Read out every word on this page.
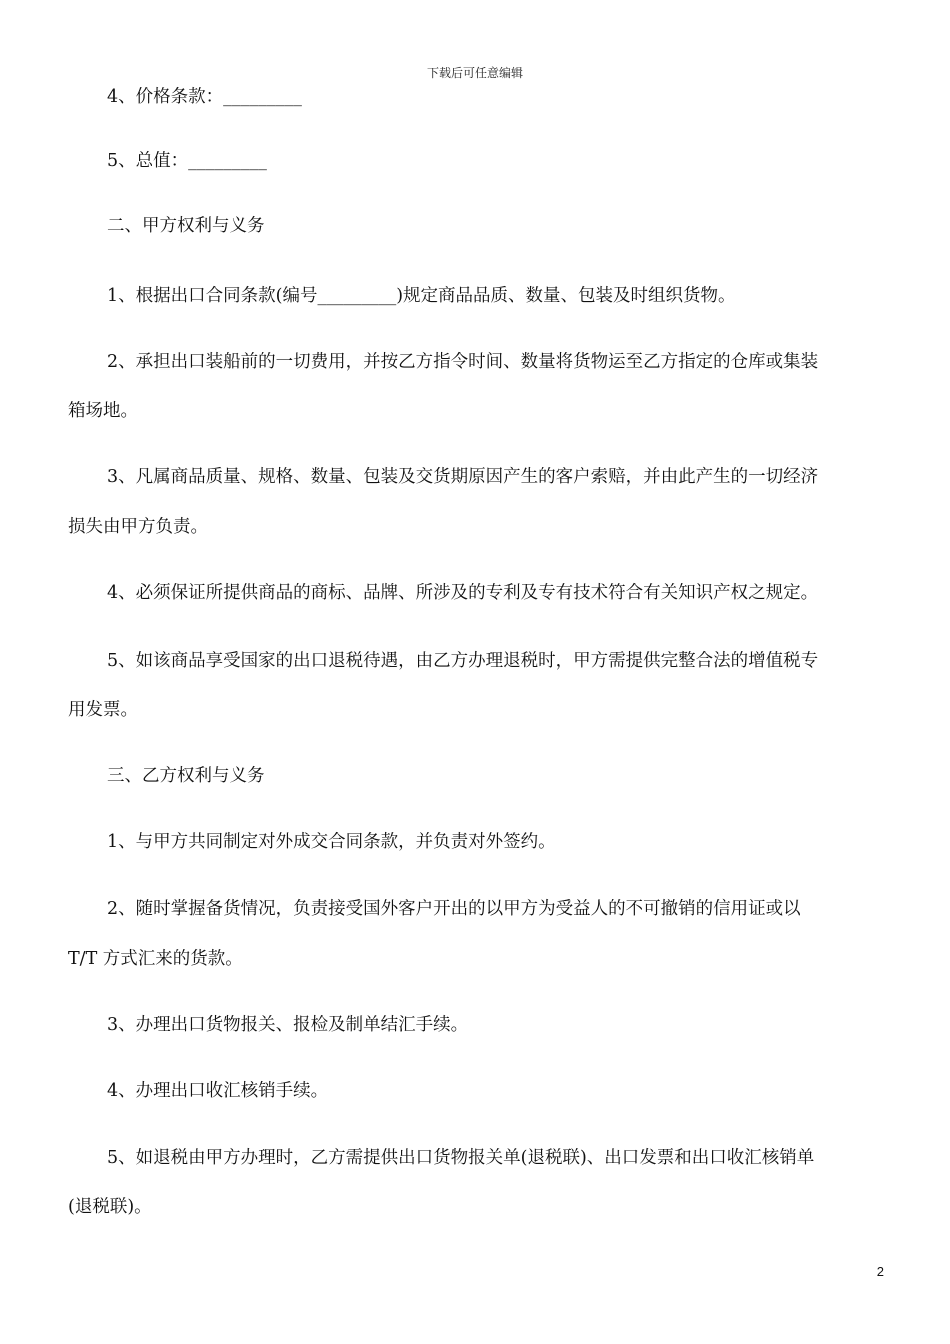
下载后可任意编辑
4、价格条款：_________
5、总值：_________
二、甲方权利与义务
1、根据出口合同条款(编号_________)规定商品品质、数量、包装及时组织货物。
2、承担出口装船前的一切费用，并按乙方指令时间、数量将货物运至乙方指定的仓库或集装
箱场地。
3、凡属商品质量、规格、数量、包装及交货期原因产生的客户索赔，并由此产生的一切经济
损失由甲方负责。
4、必须保证所提供商品的商标、品牌、所涉及的专利及专有技术符合有关知识产权之规定。
5、如该商品享受国家的出口退税待遇，由乙方办理退税时，甲方需提供完整合法的增值税专
用发票。
三、乙方权利与义务
1、与甲方共同制定对外成交合同条款，并负责对外签约。
2、随时掌握备货情况，负责接受国外客户开出的以甲方为受益人的不可撤销的信用证或以
T/T 方式汇来的货款。
3、办理出口货物报关、报检及制单结汇手续。
4、办理出口收汇核销手续。
5、如退税由甲方办理时，乙方需提供出口货物报关单(退税联)、出口发票和出口收汇核销单
(退税联)。
2
